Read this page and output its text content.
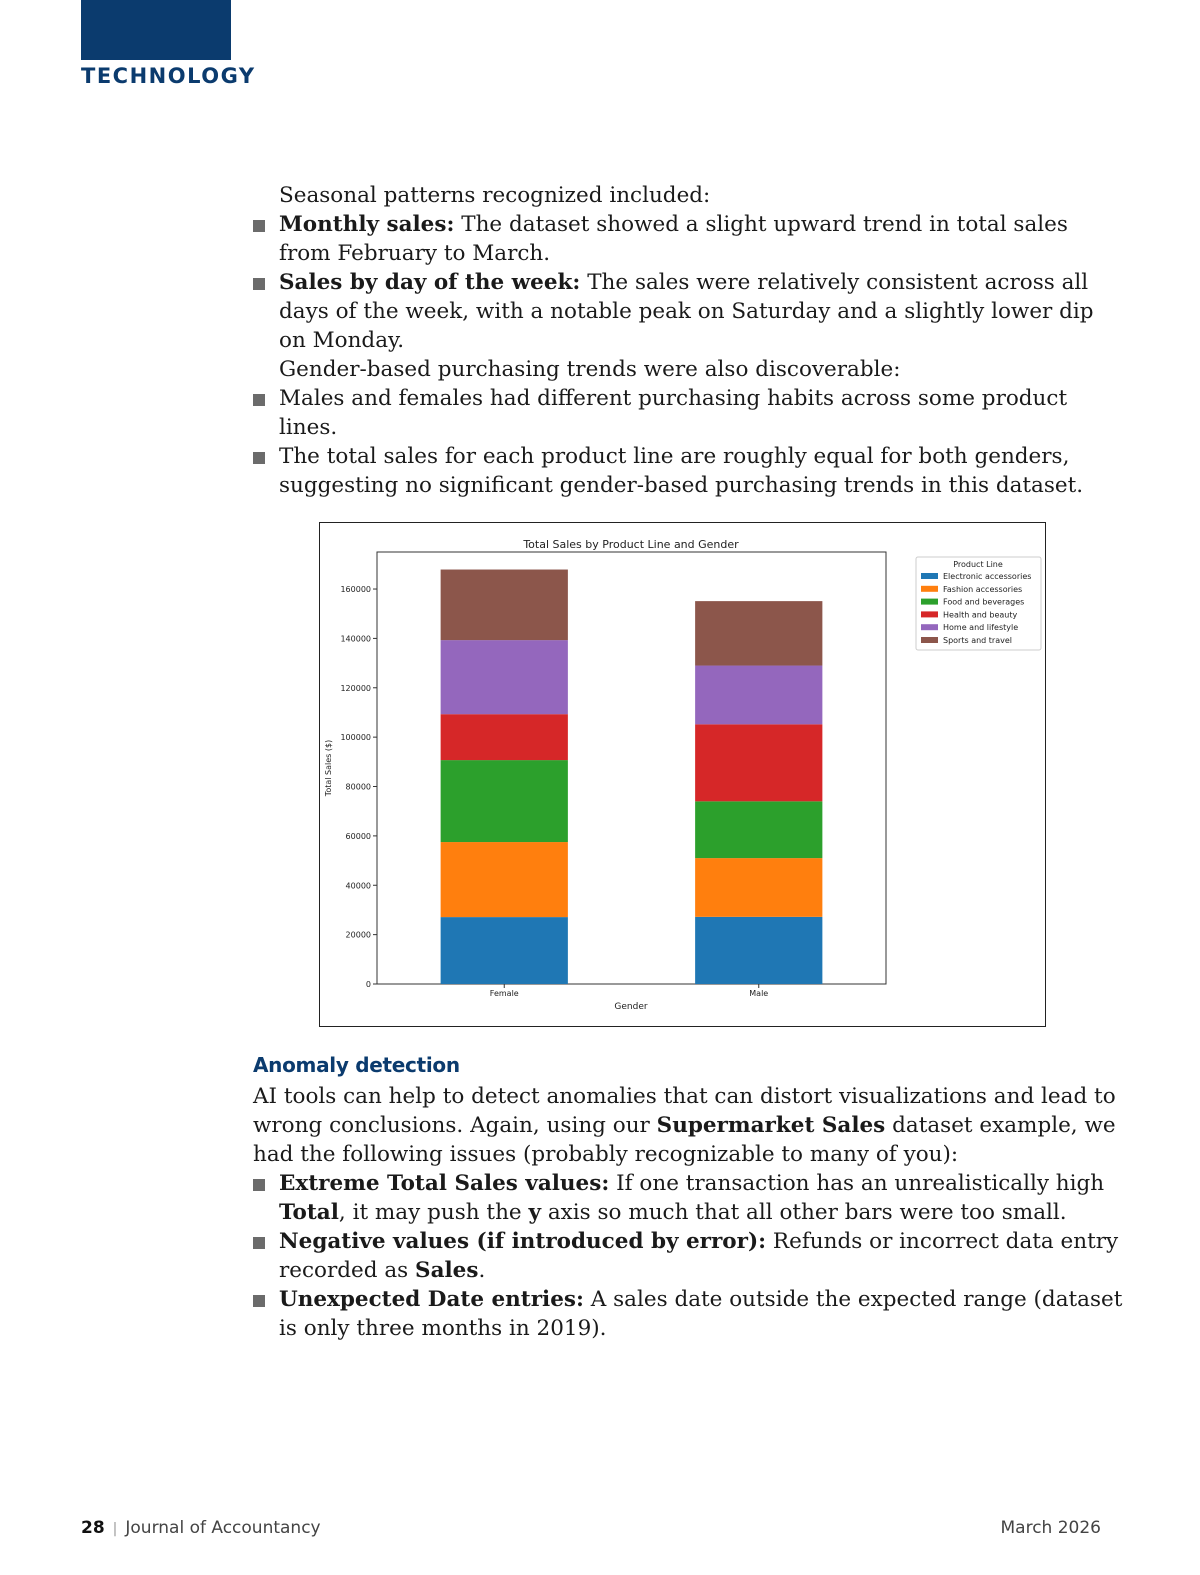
TECHNOLOGY

Seasonal patterns recognized included:

Monthly sales: The dataset showed a slight upward trend in total sales from February to March.
Sales by day of the week: The sales were relatively consistent across all days of the week, with a notable peak on Saturday and a slightly lower dip on Monday.

Gender-based purchasing trends were also discoverable:

Males and females had different purchasing habits across some product lines.
The total sales for each product line are roughly equal for both genders, suggesting no significant gender-based purchasing trends in this dataset.
Total Sales by Product Line and Gender
0
20000
40000
60000
80000
100000
120000
140000
160000
Female	Male
Gender
Total Sales ($)
Product Line
Electronic accessories
Fashion accessories
Food and beverages
Health and beauty
Home and lifestyle
Sports and travel
Anomaly detection

AI tools can help to detect anomalies that can distort visualizations and lead to wrong conclusions. Again, using our Supermarket Sales dataset example, we had the following issues (probably recognizable to many of you):

Extreme Total Sales values: If one transaction has an unrealistically high Total, it may push the y axis so much that all other bars were too small.
Negative values (if introduced by error): Refunds or incorrect data entry recorded as Sales.
Unexpected Date entries: A sales date outside the expected range (dataset is only three months in 2019).
28 | Journal of Accountancy	March 2026
